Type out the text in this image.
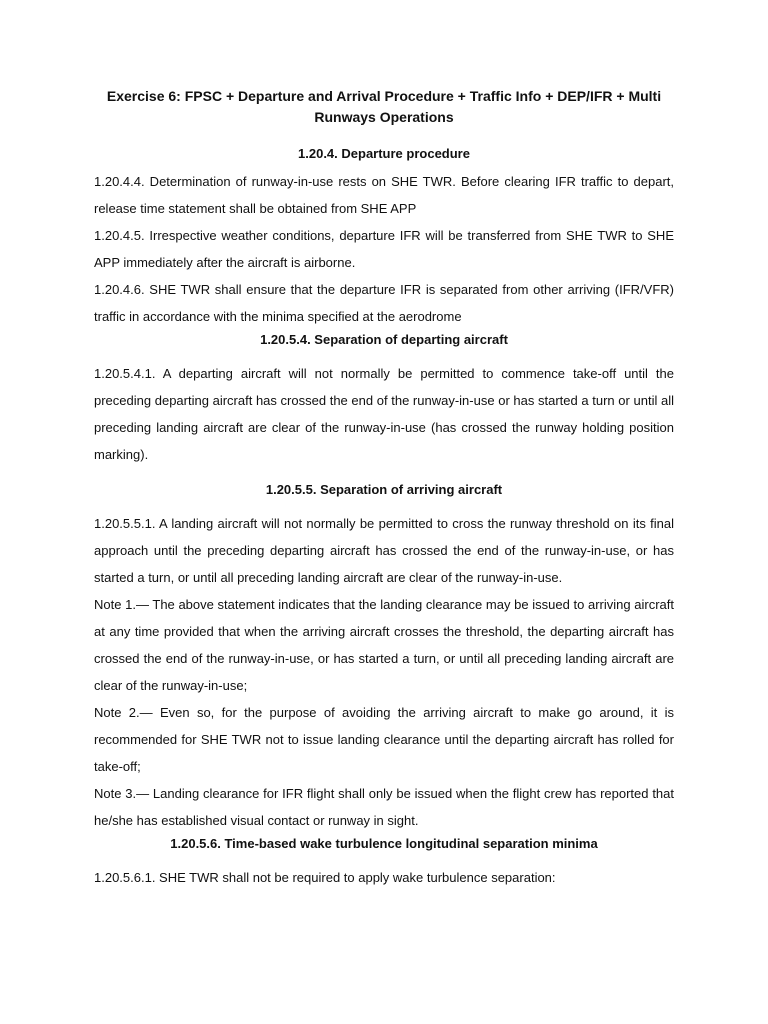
Exercise 6: FPSC + Departure and Arrival Procedure + Traffic Info + DEP/IFR + Multi Runways Operations
1.20.4. Departure procedure

1.20.4.4. Determination of runway-in-use rests on SHE TWR. Before clearing IFR traffic to depart, release time statement shall be obtained from SHE APP

1.20.4.5. Irrespective weather conditions, departure IFR will be transferred from SHE TWR to SHE APP immediately after the aircraft is airborne.

1.20.4.6. SHE TWR shall ensure that the departure IFR is separated from other arriving (IFR/VFR) traffic in accordance with the minima specified at the aerodrome

1.20.5.4. Separation of departing aircraft

1.20.5.4.1. A departing aircraft will not normally be permitted to commence take-off until the preceding departing aircraft has crossed the end of the runway-in-use or has started a turn or until all preceding landing aircraft are clear of the runway-in-use (has crossed the runway holding position marking).

1.20.5.5. Separation of arriving aircraft

1.20.5.5.1. A landing aircraft will not normally be permitted to cross the runway threshold on its final approach until the preceding departing aircraft has crossed the end of the runway-in-use, or has started a turn, or until all preceding landing aircraft are clear of the runway-in-use.

Note 1.— The above statement indicates that the landing clearance may be issued to arriving aircraft at any time provided that when the arriving aircraft crosses the threshold, the departing aircraft has crossed the end of the runway-in-use, or has started a turn, or until all preceding landing aircraft are clear of the runway-in-use;

Note 2.— Even so, for the purpose of avoiding the arriving aircraft to make go around, it is recommended for SHE TWR not to issue landing clearance until the departing aircraft has rolled for take-off;

Note 3.— Landing clearance for IFR flight shall only be issued when the flight crew has reported that he/she has established visual contact or runway in sight.

1.20.5.6. Time-based wake turbulence longitudinal separation minima

1.20.5.6.1. SHE TWR shall not be required to apply wake turbulence separation:
